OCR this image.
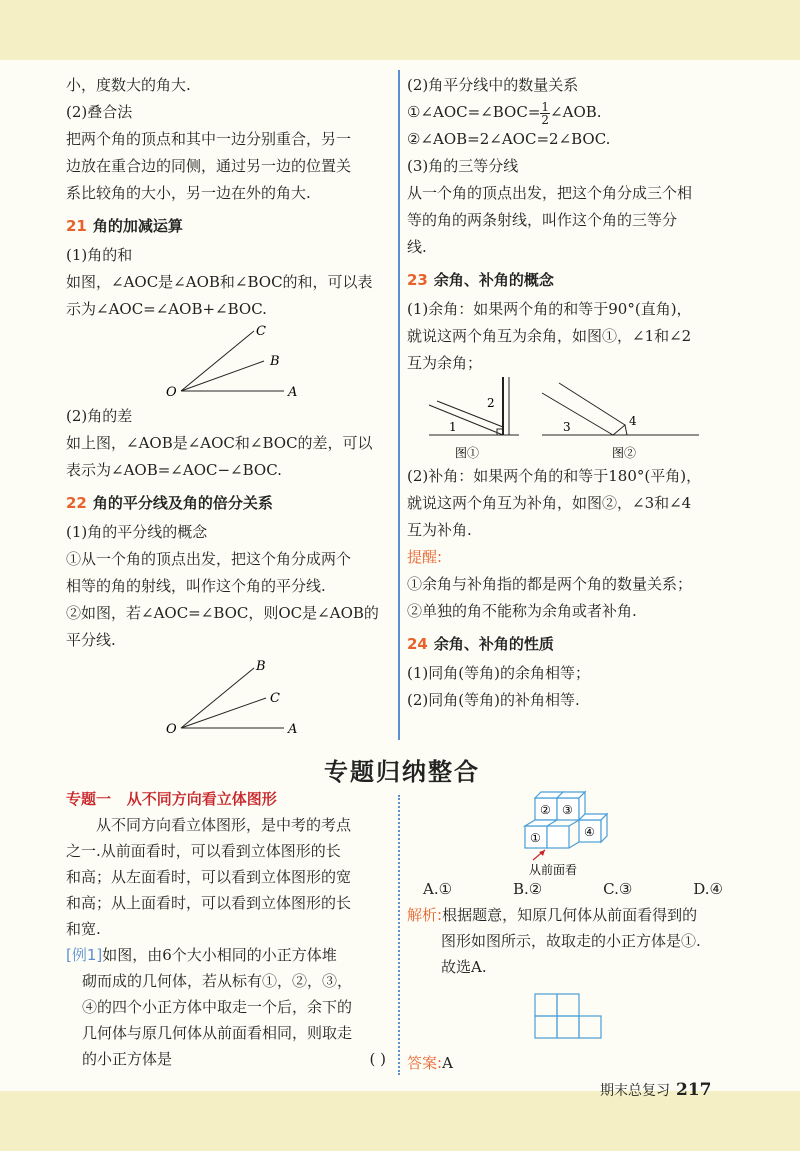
小，度数大的角大.

(2)叠合法

把两个角的顶点和其中一边分别重合，另一

边放在重合边的同侧，通过另一边的位置关

系比较角的大小，另一边在外的角大.

21 角的加减运算

(1)角的和

如图，∠AOC是∠AOB和∠BOC的和，可以表

示为∠AOC=∠AOB+∠BOC.

C
B
O	A

(2)角的差

如上图，∠AOB是∠AOC和∠BOC的差，可以

表示为∠AOB=∠AOC−∠BOC.

22 角的平分线及角的倍分关系

(1)角的平分线的概念

①从一个角的顶点出发，把这个角分成两个

相等的角的射线，叫作这个角的平分线.

②如图，若∠AOC=∠BOC，则OC是∠AOB的

平分线.

B
C
O	A

(2)角平分线中的数量关系

①∠AOC=∠BOC= $\frac{1}{2}$ ∠AOB.

②∠AOB=2∠AOC=2∠BOC.

(3)角的三等分线

从一个角的顶点出发，把这个角分成三个相

等的角的两条射线，叫作这个角的三等分

线.

23 余角、补角的概念

(1)余角：如果两个角的和等于90°(直角)，

就说这两个角互为余角，如图①，∠1和∠2

互为余角；

1
2
图①
3	4
图②

(2)补角：如果两个角的和等于180°(平角)，

就说这两个角互为补角，如图②，∠3和∠4

互为补角.

提醒:

①余角与补角指的都是两个角的数量关系；

②单独的角不能称为余角或者补角.

24 余角、补角的性质

(1)同角(等角)的余角相等；

(2)同角(等角)的补角相等.

专题归纳整合

专题一 从不同方向看立体图形

从不同方向看立体图形，是中考的考点

之一.从前面看时，可以看到立体图形的长

和高；从左面看时，可以看到立体图形的宽

和高；从上面看时，可以看到立体图形的长

和宽.

[例1]如图，由6个大小相同的小正方体堆

砌而成的几何体，若从标有①，②，③，

④的四个小正方体中取走一个后，余下的

几何体与原几何体从前面看相同，则取走

的小正方体是	( )

② ③
①	④
从前面看

A.①	B.②	C.③	D.④

解析:根据题意，知原几何体从前面看得到的

图形如图所示，故取走的小正方体是①.

故选A.

答案:A

期末总复习 217
